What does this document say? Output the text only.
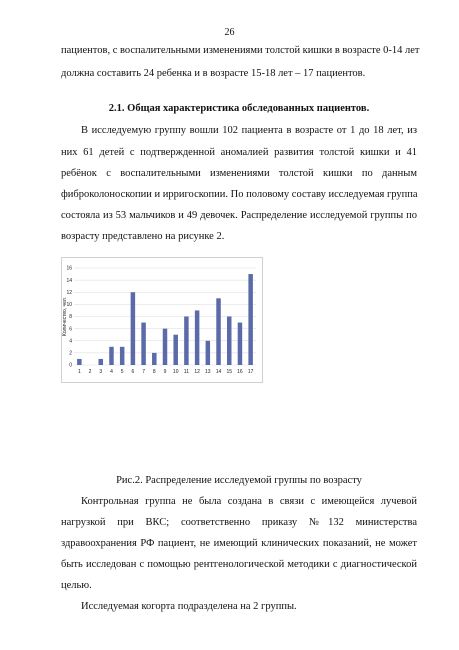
26
пациентов, с воспалительными изменениями толстой кишки в возрасте 0-14 лет
должна составить 24 ребенка и в возрасте 15-18 лет – 17 пациентов.
2.1. Общая характеристика обследованных пациентов.
В исследуемую группу вошли 102 пациента в возрасте от 1 до 18 лет, из
них 61 детей с подтвержденной аномалией развития толстой кишки и 41
ребёнок с воспалительными изменениями толстой кишки по данным
фиброколоноскопии и ирригоскопии. По половому составу исследуемая группа
состояла из 53 мальчиков и 49 девочек. Распределение исследуемой группы по
возрасту представлено на рисунке 2.
0
2
4
6
8
10
12
14
16
1 2 3 4 5 6 7 8 9 10 11 12 13 14 15 16 17
Количество, чел.
Рис.2. Распределение исследуемой группы по возрасту
Контрольная группа не была создана в связи с имеющейся лучевой
нагрузкой при ВКС; соответственно приказу №132 министерства
здравоохранения РФ пациент, не имеющий клинических показаний, не может
быть исследован с помощью рентгенологической методики с диагностической
целью.
Исследуемая когорта подразделена на 2 группы.
